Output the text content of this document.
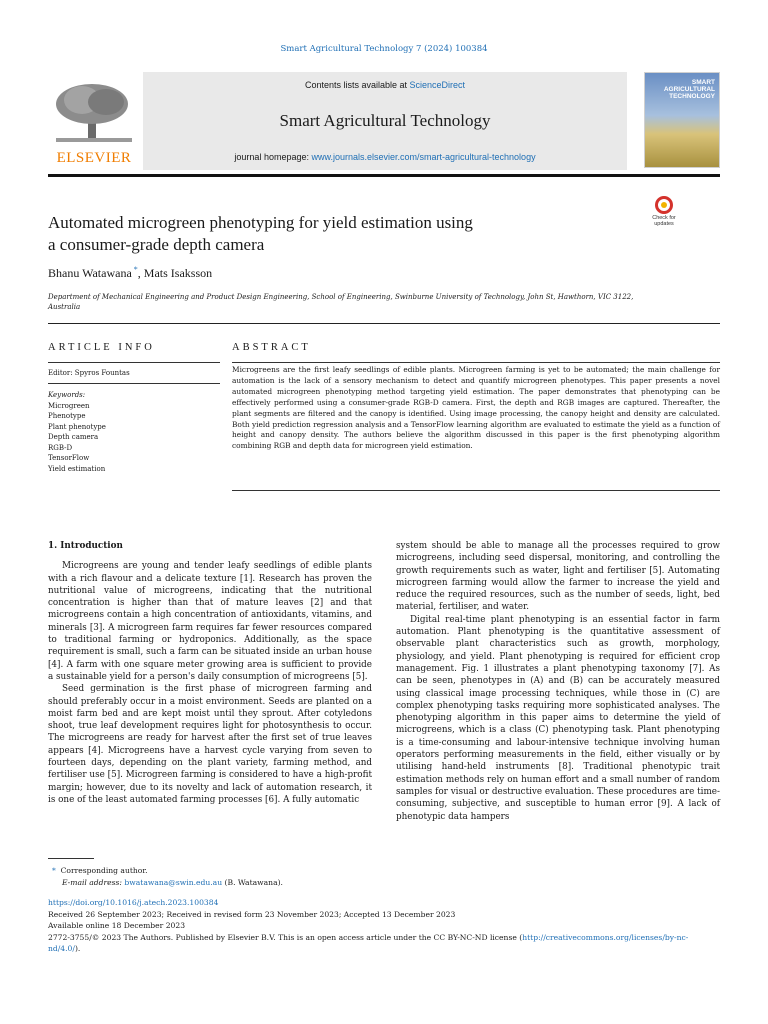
Smart Agricultural Technology 7 (2024) 100384
ELSEVIER
Contents lists available at ScienceDirect
Smart Agricultural Technology
journal homepage: www.journals.elsevier.com/smart-agricultural-technology
SMART
AGRICULTURAL
TECHNOLOGY
Automated microgreen phenotyping for yield estimation using
a consumer-grade depth camera
Check for
updates
Bhanu Watawana *, Mats Isaksson
Department of Mechanical Engineering and Product Design Engineering, School of Engineering, Swinburne University of Technology, John St, Hawthorn, VIC 3122,
Australia
ARTICLE INFO	ABSTRACT
Editor: Spyros Fountas
Keywords:
Microgreen
Phenotype
Plant phenotype
Depth camera
RGB-D
TensorFlow
Yield estimation
Microgreens are the first leafy seedlings of edible plants. Microgreen farming is yet to be automated; the main challenge for automation is the lack of a sensory mechanism to detect and quantify microgreen phenotypes. This paper presents a novel automated microgreen phenotyping method targeting yield estimation. The paper demonstrates that phenotyping can be effectively performed using a consumer-grade RGB-D camera. First, the depth and RGB images are captured. Thereafter, the plant segments are filtered and the canopy is identified. Using image processing, the canopy height and density are calculated. Both yield prediction regression analysis and a TensorFlow learning algorithm are evaluated to estimate the yield as a function of height and canopy density. The authors believe the algorithm discussed in this paper is the first phenotyping algorithm combining RGB and depth data for microgreen yield estimation.
1. Introduction

Microgreens are young and tender leafy seedlings of edible plants with a rich flavour and a delicate texture [1]. Research has proven the nutritional value of microgreens, indicating that the nutritional concentration is higher than that of mature leaves [2] and that microgreens contain a high concentration of antioxidants, vitamins, and minerals [3]. A microgreen farm requires far fewer resources compared to traditional farming or hydroponics. Additionally, as the space requirement is small, such a farm can be situated inside an urban house [4]. A farm with one square meter growing area is sufficient to provide a sustainable yield for a person's daily consumption of microgreens [5].

Seed germination is the first phase of microgreen farming and should preferably occur in a moist environment. Seeds are planted on a moist farm bed and are kept moist until they sprout. After cotyledons shoot, true leaf development requires light for photosynthesis to occur. The microgreens are ready for harvest after the first set of true leaves appears [4]. Microgreens have a harvest cycle varying from seven to fourteen days, depending on the plant variety, farming method, and fertiliser use [5]. Microgreen farming is considered to have a high-profit margin; however, due to its novelty and lack of automation research, it is one of the least automated farming processes [6]. A fully automatic

system should be able to manage all the processes required to grow microgreens, including seed dispersal, monitoring, and controlling the growth requirements such as water, light and fertiliser [5]. Automating microgreen farming would allow the farmer to increase the yield and reduce the required resources, such as the number of seeds, light, bed material, fertiliser, and water.

Digital real-time plant phenotyping is an essential factor in farm automation. Plant phenotyping is the quantitative assessment of observable plant characteristics such as growth, morphology, physiology, and yield. Plant phenotyping is required for efficient crop management. Fig. 1 illustrates a plant phenotyping taxonomy [7]. As can be seen, phenotypes in (A) and (B) can be accurately measured using classical image processing techniques, while those in (C) are complex phenotyping tasks requiring more sophisticated analyses. The phenotyping algorithm in this paper aims to determine the yield of microgreens, which is a class (C) phenotyping task. Plant phenotyping is a time-consuming and labour-intensive technique involving human operators performing measurements in the field, either visually or by utilising hand-held instruments [8]. Traditional phenotypic trait estimation methods rely on human effort and a small number of random samples for visual or destructive evaluation. These procedures are time-consuming, subjective, and susceptible to human error [9]. A lack of phenotypic data hampers

* Corresponding author.
E-mail address: bwatawana@swin.edu.au (B. Watawana).
https://doi.org/10.1016/j.atech.2023.100384
Received 26 September 2023; Received in revised form 23 November 2023; Accepted 13 December 2023
Available online 18 December 2023
2772-3755/© 2023 The Authors. Published by Elsevier B.V. This is an open access article under the CC BY-NC-ND license (http://creativecommons.org/licenses/by-nc-nd/4.0/).
